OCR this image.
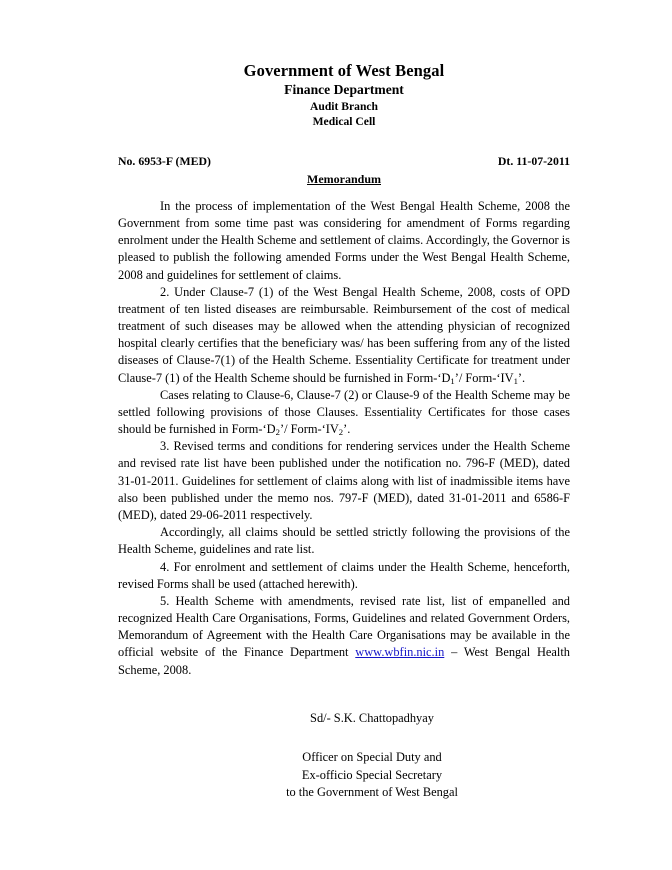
Government of West Bengal
Finance Department
Audit Branch
Medical Cell
No. 6953-F (MED)	Dt. 11-07-2011
Memorandum

In the process of implementation of the West Bengal Health Scheme, 2008 the Government from some time past was considering for amendment of Forms regarding enrolment under the Health Scheme and settlement of claims. Accordingly, the Governor is pleased to publish the following amended Forms under the West Bengal Health Scheme, 2008 and guidelines for settlement of claims.

2. Under Clause-7 (1) of the West Bengal Health Scheme, 2008, costs of OPD treatment of ten listed diseases are reimbursable. Reimbursement of the cost of medical treatment of such diseases may be allowed when the attending physician of recognized hospital clearly certifies that the beneficiary was/ has been suffering from any of the listed diseases of Clause-7(1) of the Health Scheme. Essentiality Certificate for treatment under Clause-7 (1) of the Health Scheme should be furnished in Form-‘$D_1’/$ Form-‘$IV_1$’.

Cases relating to Clause-6, Clause-7 (2) or Clause-9 of the Health Scheme may be settled following provisions of those Clauses. Essentiality Certificates for those cases should be furnished in Form-‘$D_2’/$ Form-‘$IV_2$’.

3. Revised terms and conditions for rendering services under the Health Scheme and revised rate list have been published under the notification no. 796-F (MED), dated 31-01-2011. Guidelines for settlement of claims along with list of inadmissible items have also been published under the memo nos. 797-F (MED), dated 31-01-2011 and 6586-F (MED), dated 29-06-2011 respectively.

Accordingly, all claims should be settled strictly following the provisions of the Health Scheme, guidelines and rate list.

4. For enrolment and settlement of claims under the Health Scheme, henceforth, revised Forms shall be used (attached herewith).

5. Health Scheme with amendments, revised rate list, list of empanelled and recognized Health Care Organisations, Forms, Guidelines and related Government Orders, Memorandum of Agreement with the Health Care Organisations may be available in the official website of the Finance Department www.wbfin.nic.in – West Bengal Health Scheme, 2008.

Sd/- S.K. Chattopadhyay
Officer on Special Duty and
Ex-officio Special Secretary
to the Government of West Bengal
